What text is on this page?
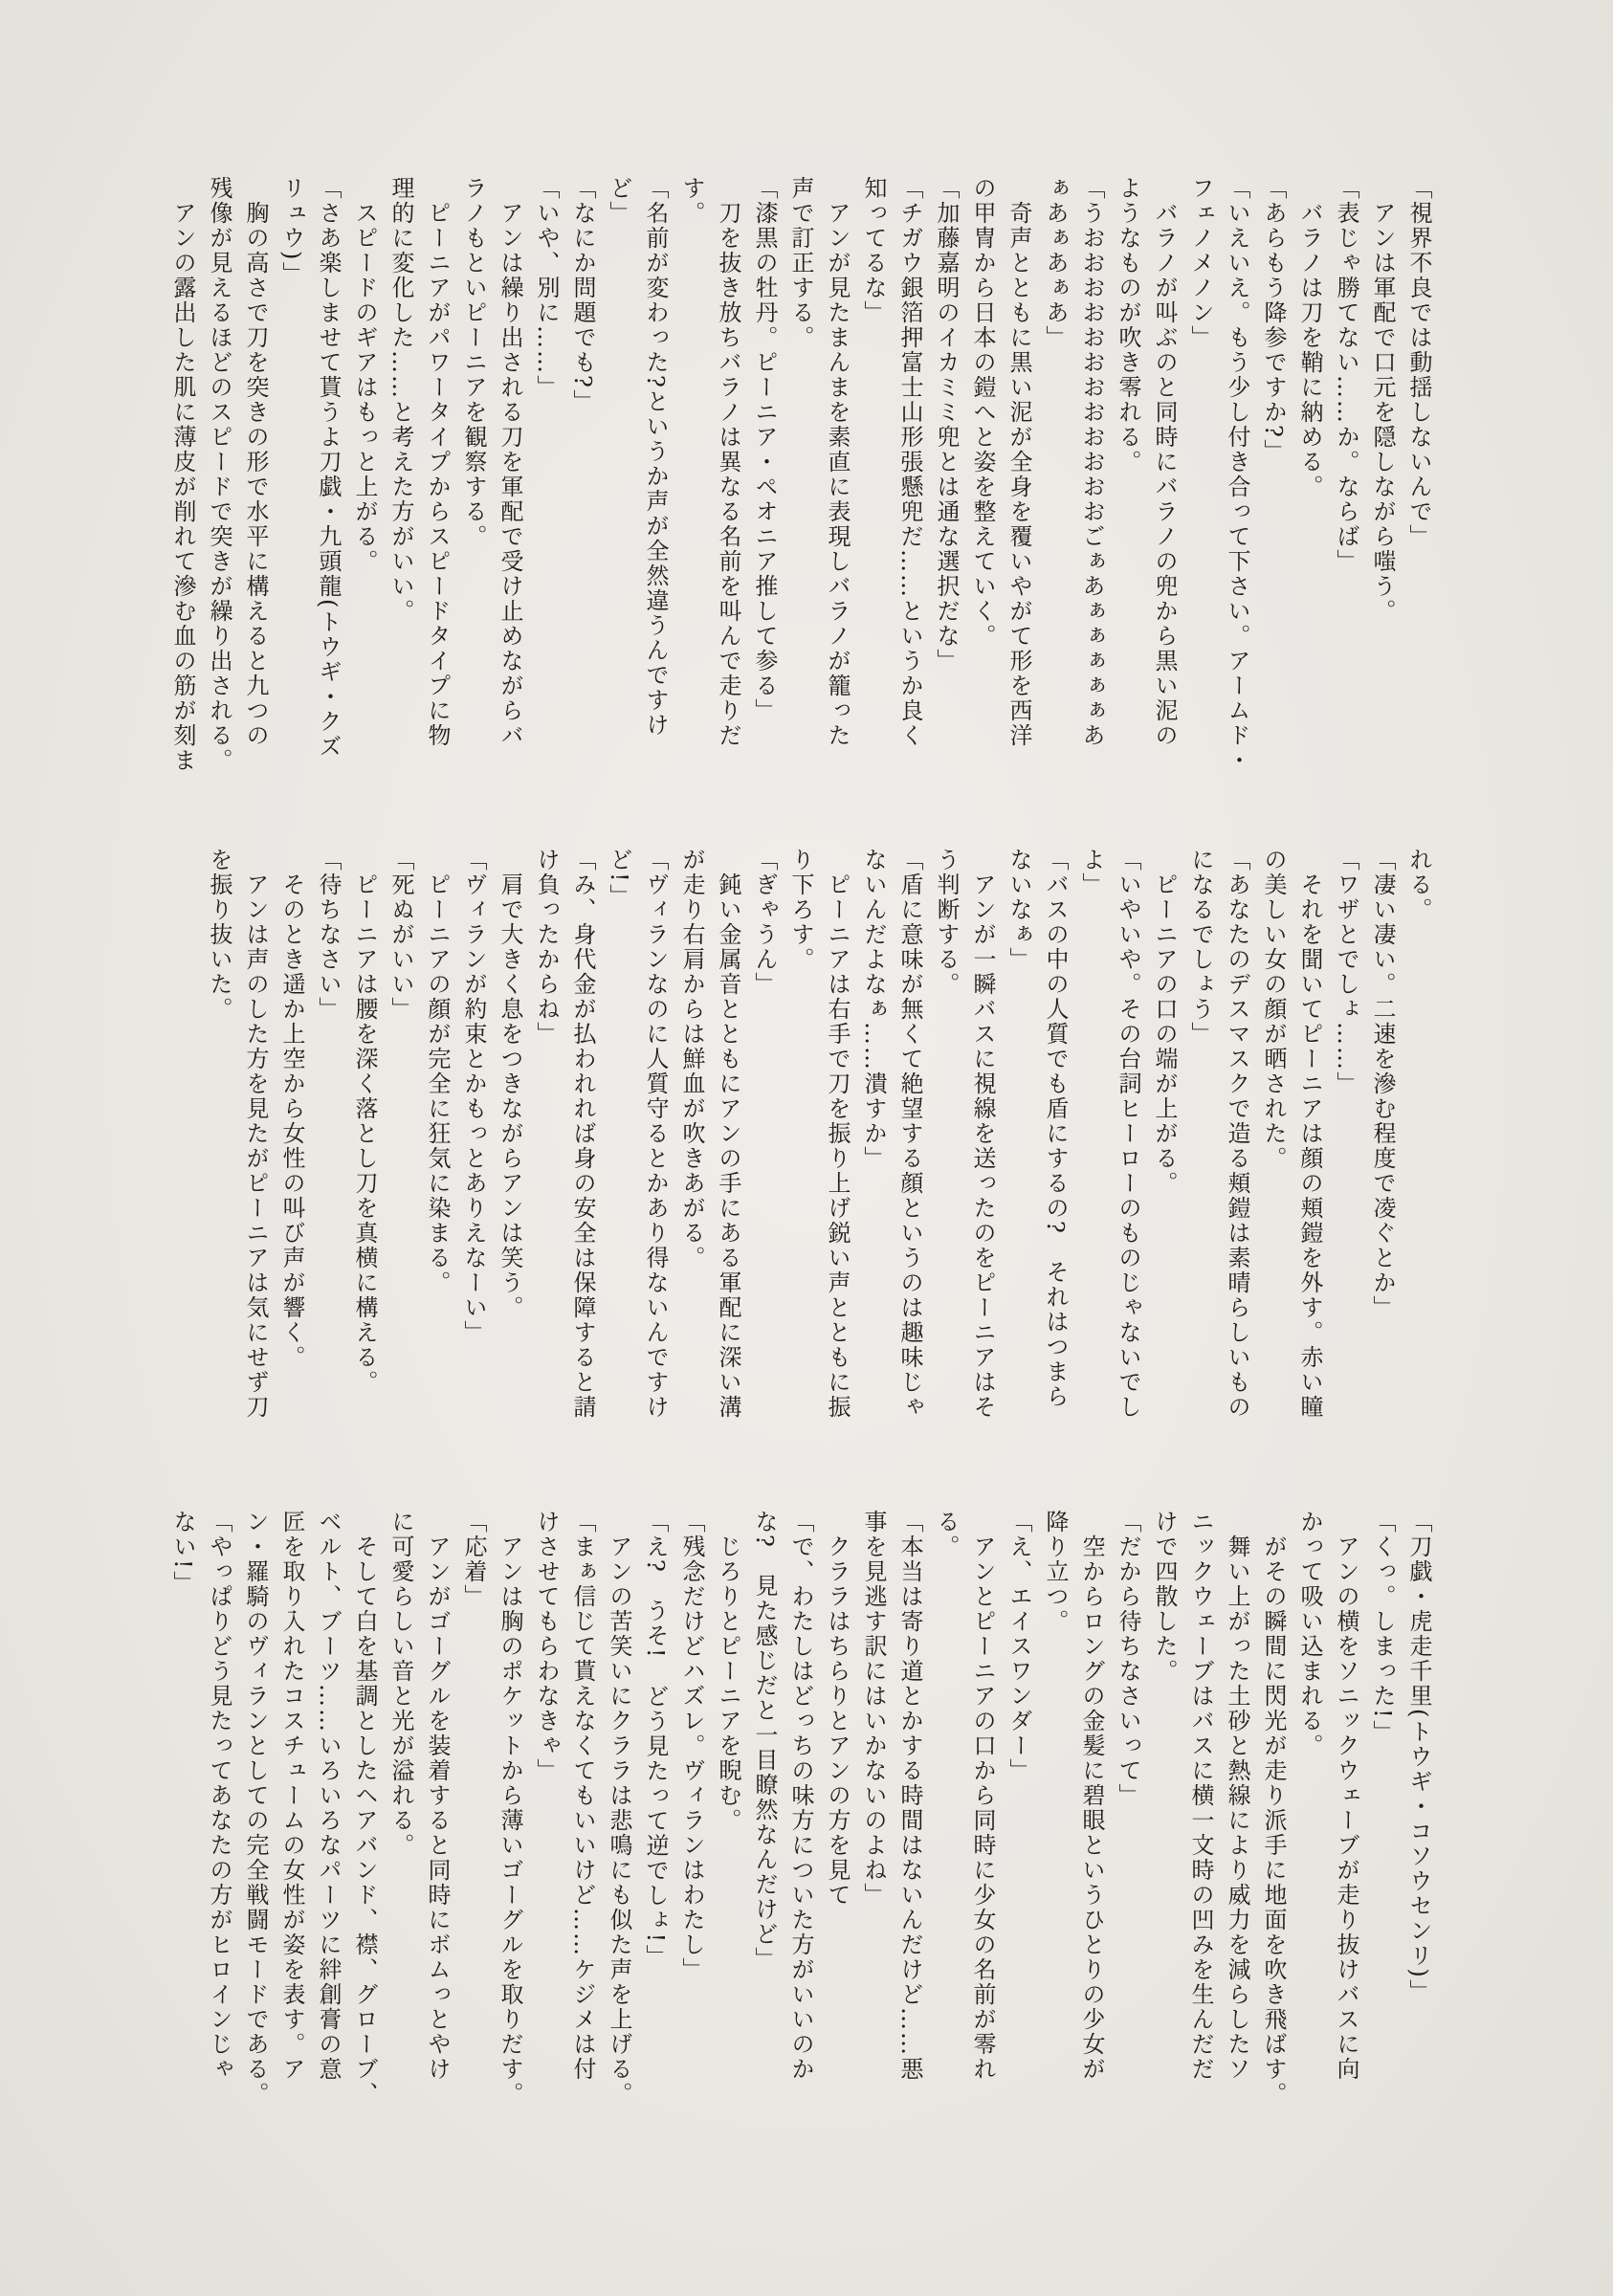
「視界不良では動揺しないんで」

　アンは軍配で口元を隠しながら嗤う。

「表じゃ勝てない……か。ならば」

　バラノは刀を鞘に納める。

「あらもう降参ですか?」

「いえいえ。もう少し付き合って下さい。アームド・

フェノメノン」

　バラノが叫ぶのと同時にバラノの兜から黒い泥の

ようなものが吹き零れる。

「うおおおおおおおおおおおおごぁあぁぁぁぁぁあ

ぁあぁあぁあ」

　奇声とともに黒い泥が全身を覆いやがて形を西洋

の甲冑から日本の鎧へと姿を整えていく。

「加藤嘉明のイカミミ兜とは通な選択だな」

「チガウ銀箔押富士山形張懸兜だ……というか良く

知ってるな」

　アンが見たまんまを素直に表現しバラノが籠った

声で訂正する。

「漆黒の牡丹。ピーニア・ペオニア推して参る」

　刀を抜き放ちバラノは異なる名前を叫んで走りだ

す。

「名前が変わった?というか声が全然違うんですけ

ど」

「なにか問題でも?」

「いや、別に……」

　アンは繰り出される刀を軍配で受け止めながらバ

ラノもといピーニアを観察する。

　ピーニアがパワータイプからスピードタイプに物

理的に変化した……と考えた方がいい。

　スピードのギアはもっと上がる。

「さあ楽しませて貰うよ刀戯・九頭龍(トウギ・クズ

リュウ)」

　胸の高さで刀を突きの形で水平に構えると九つの

残像が見えるほどのスピードで突きが繰り出される。

　アンの露出した肌に薄皮が削れて滲む血の筋が刻ま

れる。

「凄い凄い。二速を滲む程度で凌ぐとか」

「ワザとでしょ……」

　それを聞いてピーニアは顔の頬鎧を外す。赤い瞳

の美しい女の顔が晒された。

「あなたのデスマスクで造る頬鎧は素晴らしいもの

になるでしょう」

　ピーニアの口の端が上がる。

「いやいや。その台詞ヒーローのものじゃないでし

よ」

「バスの中の人質でも盾にするの?　それはつまら

ないなぁ」

　アンが一瞬バスに視線を送ったのをピーニアはそ

う判断する。

「盾に意味が無くて絶望する顔というのは趣味じゃ

ないんだよなぁ……潰すか」

　ピーニアは右手で刀を振り上げ鋭い声とともに振

り下ろす。

「ぎゃうん」

　鈍い金属音とともにアンの手にある軍配に深い溝

が走り右肩からは鮮血が吹きあがる。

「ヴィランなのに人質守るとかあり得ないんですけ

ど!」

「み、身代金が払われれば身の安全は保障すると請

け負ったからね」

　肩で大きく息をつきながらアンは笑う。

「ヴィランが約束とかもっとありえなーい」

　ピーニアの顔が完全に狂気に染まる。

「死ぬがいい」

　ピーニアは腰を深く落とし刀を真横に構える。

「待ちなさい」

　そのとき遥か上空から女性の叫び声が響く。

　アンは声のした方を見たがピーニアは気にせず刀

を振り抜いた。

「刀戯・虎走千里(トウギ・コソウセンリ)」

「くっ。しまった!」

　アンの横をソニックウェーブが走り抜けバスに向

かって吸い込まれる。

　がその瞬間に閃光が走り派手に地面を吹き飛ばす。

　舞い上がった土砂と熱線により威力を減らしたソ

ニックウェーブはバスに横一文時の凹みを生んだだ

けで四散した。

「だから待ちなさいって」

　空からロングの金髪に碧眼というひとりの少女が

降り立つ。

「え、エイスワンダー」

　アンとピーニアの口から同時に少女の名前が零れ

る。

「本当は寄り道とかする時間はないんだけど……悪

事を見逃す訳にはいかないのよね」

　クララはちらりとアンの方を見て

「で、わたしはどっちの味方についた方がいいのか

な?　見た感じだと一目瞭然なんだけど」

　じろりとピーニアを睨む。

「残念だけどハズレ。ヴィランはわたし」

「え?　うそ!　どう見たって逆でしょ!」

　アンの苦笑いにクララは悲鳴にも似た声を上げる。

「まぁ信じて貰えなくてもいいけど……ケジメは付

けさせてもらわなきゃ」

　アンは胸のポケットから薄いゴーグルを取りだす。

「応着」

　アンがゴーグルを装着すると同時にボムっとやけ

に可愛らしい音と光が溢れる。

　そして白を基調としたヘアバンド、襟、グローブ、

ベルト、ブーツ……いろいろなパーツに絆創膏の意

匠を取り入れたコスチュームの女性が姿を表す。ア

ン・羅騎のヴィランとしての完全戦闘モードである。

「やっぱりどう見たってあなたの方がヒロインじゃ

ない!」
